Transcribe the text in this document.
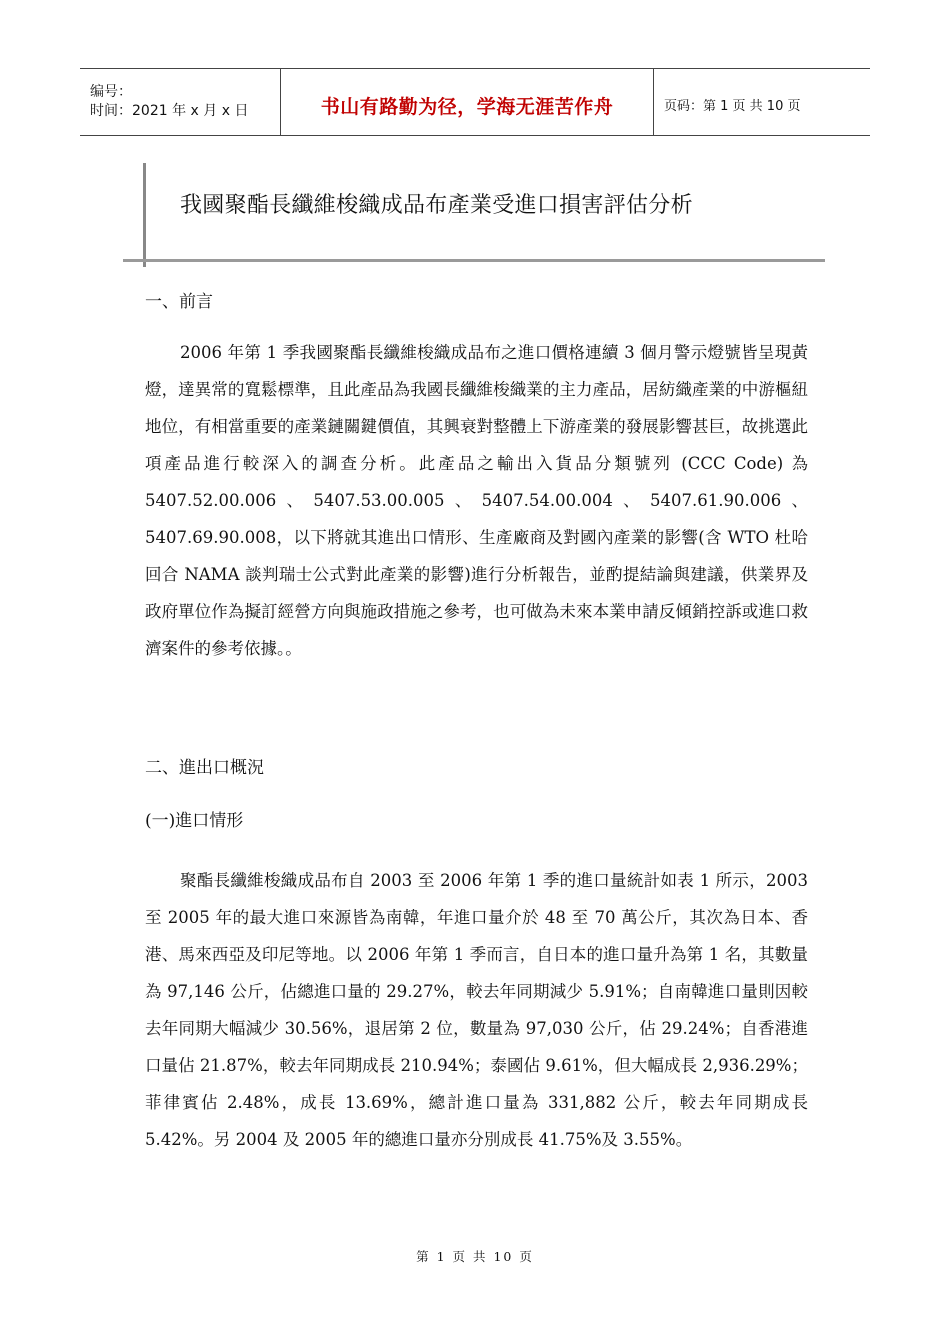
编号：
时间：2021 年 x 月 x 日	书山有路勤为径，学海无涯苦作舟	页码：第 1 页 共 10 页
我國聚酯長纖維梭織成品布產業受進口損害評估分析
一、前言
2006 年第 1 季我國聚酯長纖維梭織成品布之進口價格連續 3 個月警示燈號皆呈現黃燈，達異常的寬鬆標準，且此產品為我國長纖維梭織業的主力產品，居紡織產業的中游樞紐地位，有相當重要的產業鏈關鍵價值，其興衰對整體上下游產業的發展影響甚巨，故挑選此項產品進行較深入的調查分析。此產品之輸出入貨品分類號列 (CCC Code) 為 5407.52.00.006、5407.53.00.005、5407.54.00.004、5407.61.90.006、5407.69.90.008，以下將就其進出口情形、生產廠商及對國內產業的影響(含 WTO 杜哈回合 NAMA 談判瑞士公式對此產業的影響)進行分析報告，並酌提結論與建議，供業界及政府單位作為擬訂經營方向與施政措施之參考，也可做為未來本業申請反傾銷控訴或進口救濟案件的參考依據。。
二、進出口概況
(一)進口情形
聚酯長纖維梭織成品布自 2003 至 2006 年第 1 季的進口量統計如表 1 所示，2003 至 2005 年的最大進口來源皆為南韓，年進口量介於 48 至 70 萬公斤，其次為日本、香港、馬來西亞及印尼等地。以 2006 年第 1 季而言，自日本的進口量升為第 1 名，其數量為 97,146 公斤，佔總進口量的 29.27%，較去年同期減少 5.91%；自南韓進口量則因較去年同期大幅減少 30.56%，退居第 2 位，數量為 97,030 公斤，佔 29.24%；自香港進口量佔 21.87%，較去年同期成長 210.94%；泰國佔 9.61%，但大幅成長 2,936.29%；菲律賓佔 2.48%，成長 13.69%，總計進口量為 331,882 公斤，較去年同期成長 5.42%。另 2004 及 2005 年的總進口量亦分別成長 41.75%及 3.55%。
第 1 页 共 10 页
